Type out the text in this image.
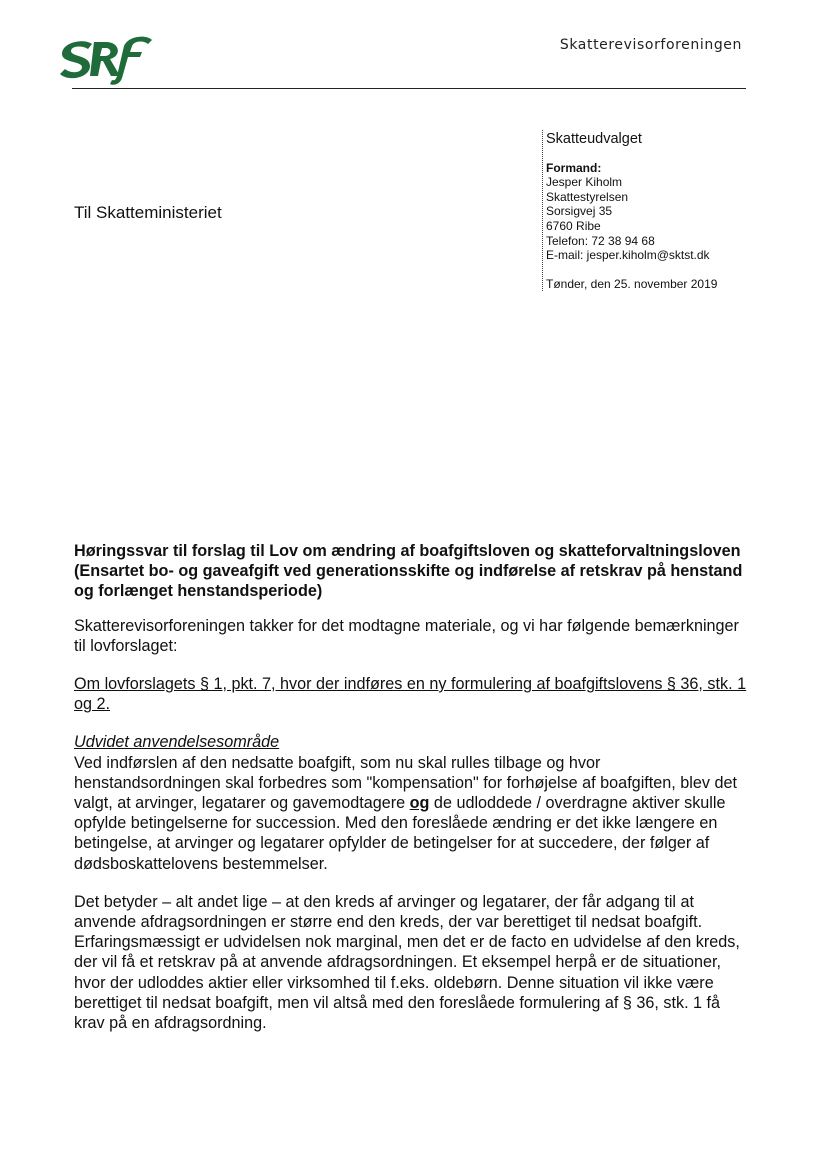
Skatterevisorforeningen
Til Skatteministeriet
Skatteudvalget
Formand:
Jesper Kiholm
Skattestyrelsen
Sorsigvej 35
6760 Ribe
Telefon: 72 38 94 68
E-mail: jesper.kiholm@sktst.dk
Tønder, den 25. november 2019

Høringssvar til forslag til Lov om ændring af boafgiftsloven og skatteforvaltningsloven (Ensartet bo- og gaveafgift ved generationsskifte og indførelse af retskrav på henstand og forlænget henstandsperiode)

Skatterevisorforeningen takker for det modtagne materiale, og vi har følgende bemærkninger til lovforslaget:

Om lovforslagets § 1, pkt. 7, hvor der indføres en ny formulering af boafgiftslovens § 36, stk. 1 og 2.

Udvidet anvendelsesområde

Ved indførslen af den nedsatte boafgift, som nu skal rulles tilbage og hvor henstandsordningen skal forbedres som "kompensation" for forhøjelse af boafgiften, blev det valgt, at arvinger, legatarer og gavemodtagere og de udloddede / overdragne aktiver skulle opfylde betingelserne for succession. Med den foreslåede ændring er det ikke længere en betingelse, at arvinger og legatarer opfylder de betingelser for at succedere, der følger af dødsboskattelovens bestemmelser.

Det betyder – alt andet lige – at den kreds af arvinger og legatarer, der får adgang til at anvende afdragsordningen er større end den kreds, der var berettiget til nedsat boafgift. Erfaringsmæssigt er udvidelsen nok marginal, men det er de facto en udvidelse af den kreds, der vil få et retskrav på at anvende afdragsordningen. Et eksempel herpå er de situationer, hvor der udloddes aktier eller virksomhed til f.eks. oldebørn. Denne situation vil ikke være berettiget til nedsat boafgift, men vil altså med den foreslåede formulering af § 36, stk. 1 få krav på en afdragsordning.
